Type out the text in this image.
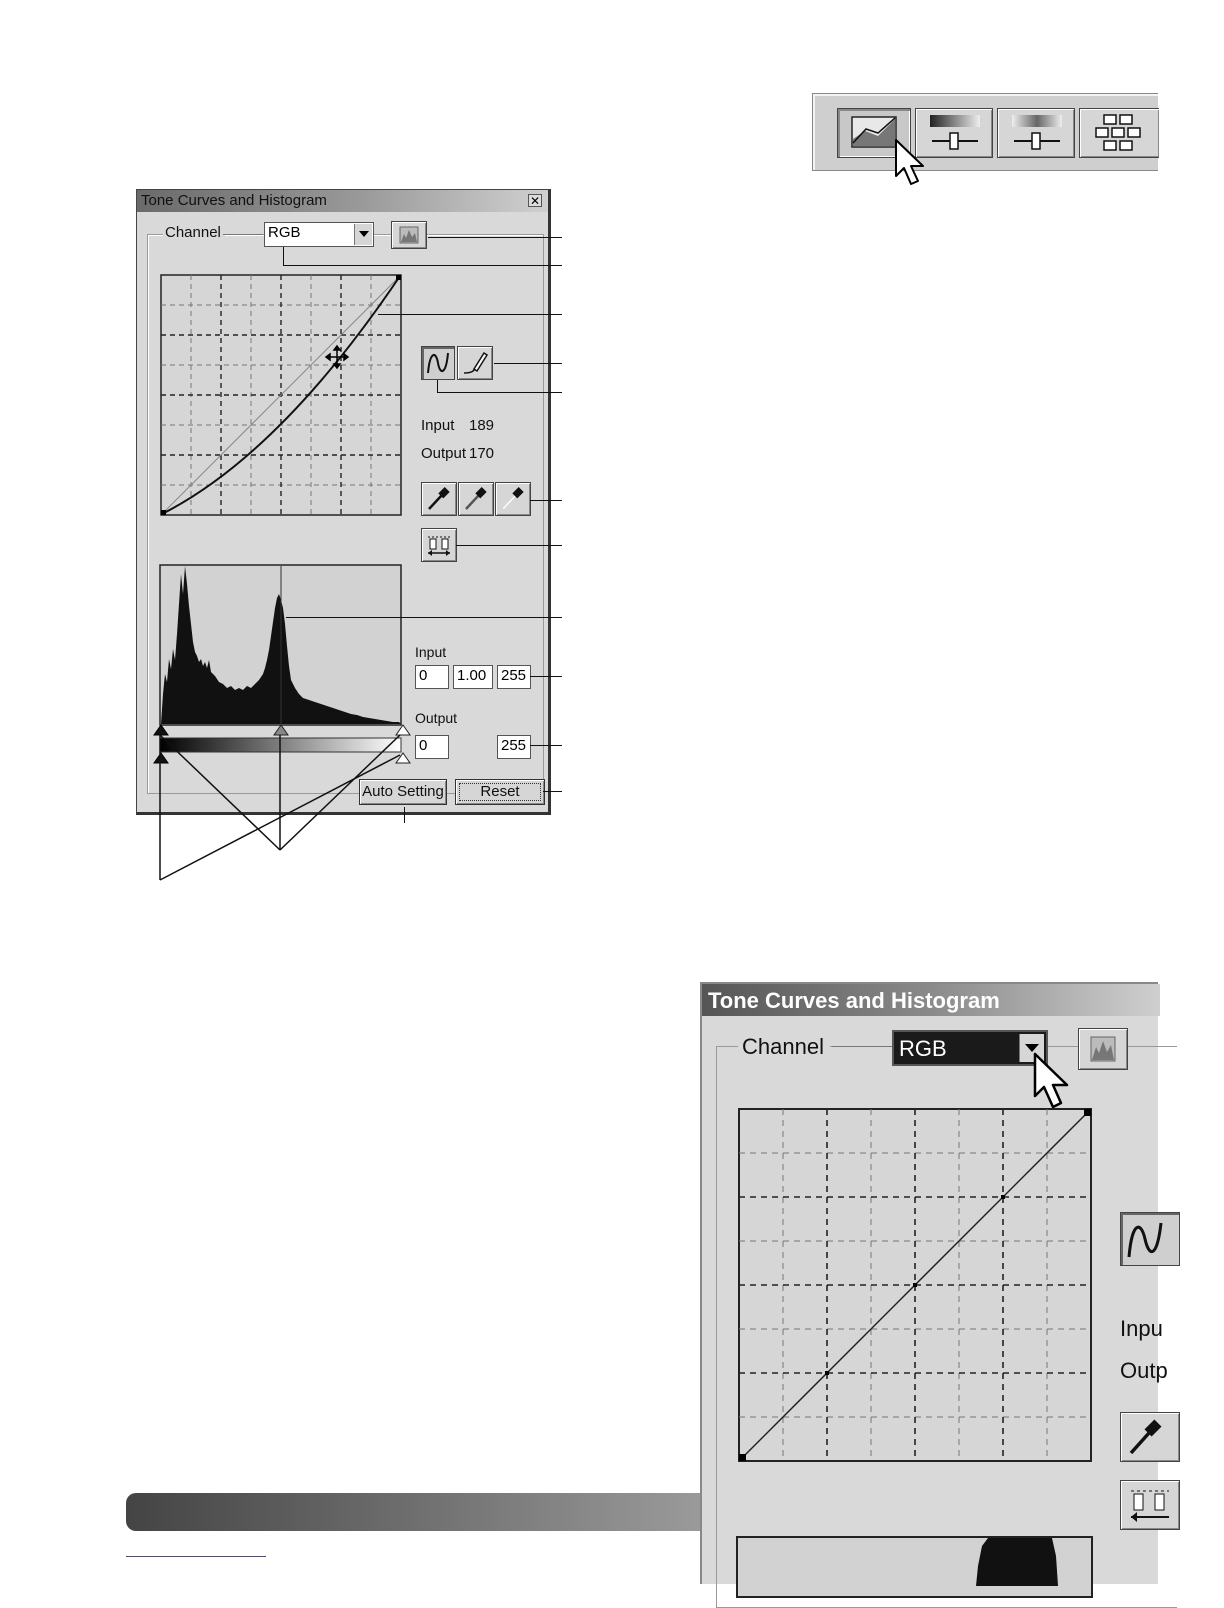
Tone Curves and Histogram	✕
Channel	RGB
Input 189
Output 170
Input
0	1.00 255
Output
0	255
Auto Setting	Reset
Tone Curves and Histogram
Channel	RGB
Inpu
Outp
